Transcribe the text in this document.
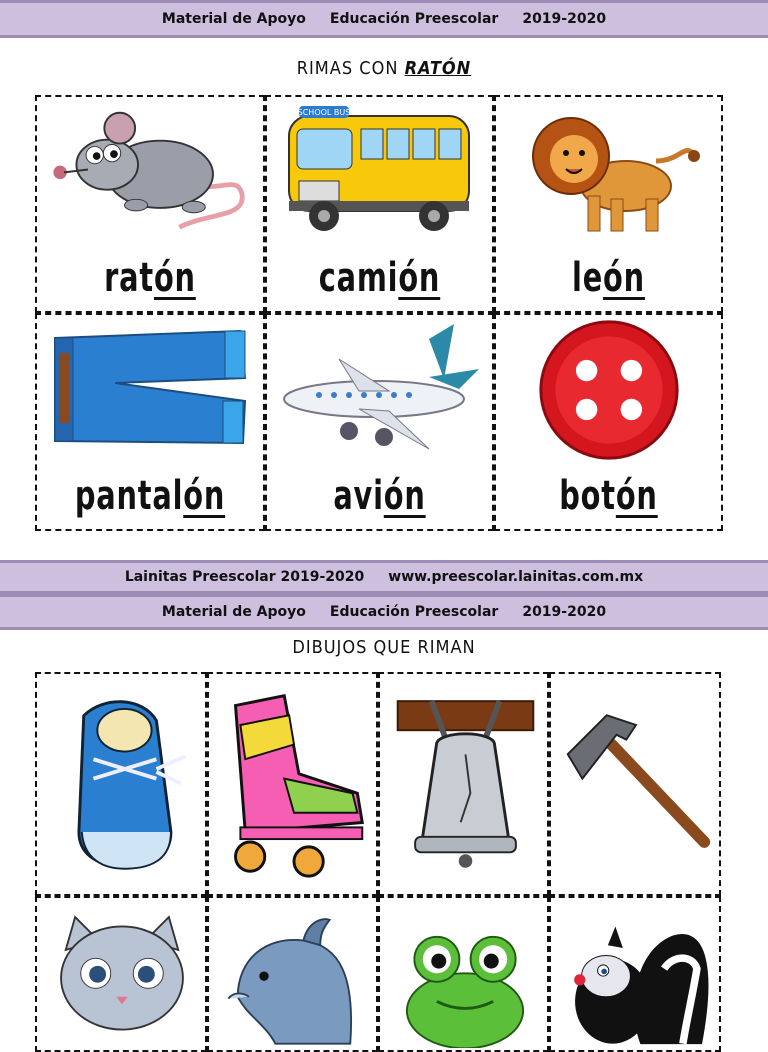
Material de Apoyo Educación Preescolar 2019-2020
RIMAS CON RATÓN
ratón
SCHOOL BUS
camión	león
pantalón	avión	botón
Lainitas Preescolar 2019-2020 www.preescolar.lainitas.com.mx
Material de Apoyo Educación Preescolar 2019-2020
DIBUJOS QUE RIMAN
